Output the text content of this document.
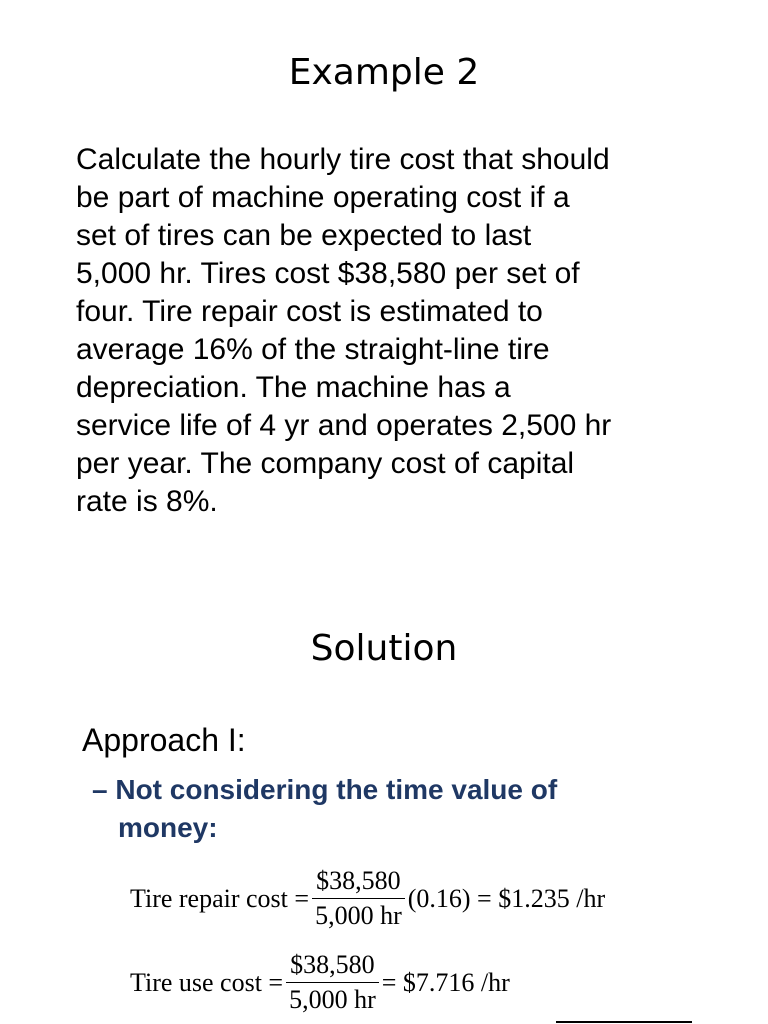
Example 2
Calculate the hourly tire cost that should
be part of machine operating cost if a
set of tires can be expected to last
5,000 hr. Tires cost $38,580 per set of
four. Tire repair cost is estimated to
average 16% of the straight-line tire
depreciation. The machine has a
service life of 4 yr and operates 2,500 hr
per year. The company cost of capital
rate is 8%.
Solution
Approach I:
– Not considering the time value of
money:
Tire repair $\cos t = \frac{\$38,580}{5,000 hr} (0.16)$ = $1.235 /hr
Tire use $\cos t = \frac{\$38,580}{5,000 hr}$ = $7.716 /hr
